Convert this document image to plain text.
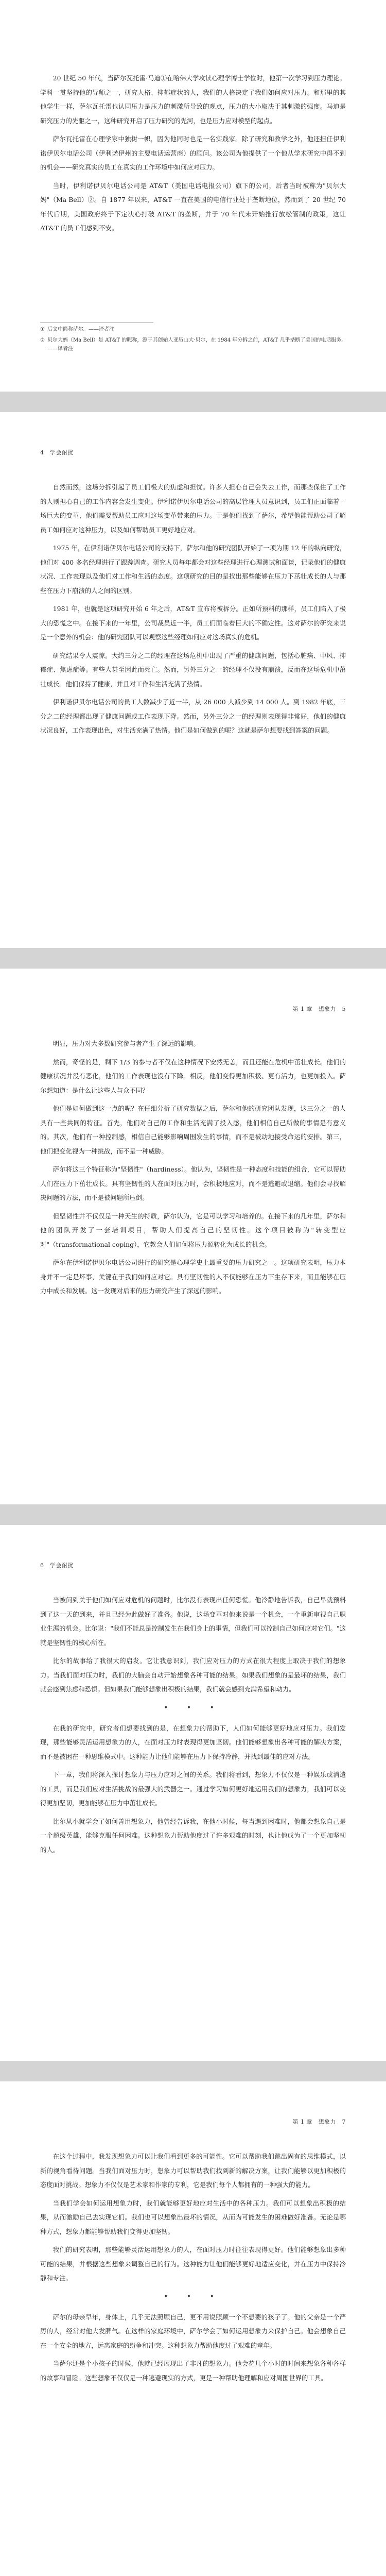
20 世纪 50 年代，当萨尔瓦托雷·马迪①在哈佛大学攻读心理学博士学位时，他第一次学习到压力理论。学科一贯坚持他的导师之一，研究人格、抑郁症状的人，我们的人格决定了我们如何应对压力。和那里的其他学生一样，萨尔瓦托雷也认同压力是压力的刺激所导致的观点，压力的大小取决于其刺激的强度。马迪是研究压力的先驱之一，这种研究开启了压力研究的先河，也是压力应对模型的起点。

萨尔瓦托雷在心理学家中独树一帜，因为他同时也是一名实践家。除了研究和教学之外，他还担任伊利诺伊贝尔电话公司（伊利诺伊州的主要电话运营商）的顾问。该公司为他提供了一个他从学术研究中得不到的机会——研究真实的员工在真实的工作环境中如何应对压力。

当时，伊利诺伊贝尔电话公司是 AT&T（美国电话电报公司）旗下的公司，后者当时被称为"贝尔大妈"（Ma Bell）②。自 1877 年以来，AT&T 一直在美国的电信行业处于垄断地位，然而到了 20 世纪 70 年代后期，美国政府终于下定决心打破 AT&T 的垄断，并于 70 年代末开始推行放松管制的政策，这让 AT&T 的员工们感到不安。

① 后文中简称萨尔。——译者注
② 贝尔大妈（Ma Bell）是 AT&T 的昵称，源于其创始人亚历山大·贝尔，在 1984 年分拆之前，AT&T 几乎垄断了美国的电话服务。——译者注
4　学会耐扰

自然而然，这场分拆引起了员工们极大的焦虑和担忧。许多人担心自己会失去工作，而那些保住了工作的人则担心自己的工作内容会发生变化。伊利诺伊贝尔电话公司的高层管理人员意识到，员工们正面临着一场巨大的变革，他们需要帮助员工应对这场变革带来的压力。于是他们找到了萨尔，希望他能帮助公司了解员工如何应对这种压力，以及如何帮助员工更好地应对。

1975 年，在伊利诺伊贝尔电话公司的支持下，萨尔和他的研究团队开始了一项为期 12 年的纵向研究，他们对 400 多名经理进行了跟踪调查。研究人员每年都会对这些经理进行心理测试和面谈，记录他们的健康状况、工作表现以及他们对工作和生活的态度。这项研究的目的是找出那些能够在压力下茁壮成长的人与那些在压力下崩溃的人之间的区别。

1981 年，也就是这项研究开始 6 年之后，AT&T 宣布将被拆分。正如所预料的那样，员工们陷入了极大的恐慌之中。在接下来的一年里，公司裁员近一半，员工们面临着巨大的不确定性。这对萨尔的研究来说是一个意外的机会：他的研究团队可以观察这些经理如何应对这场真实的危机。

研究结果令人震惊。大约三分之二的经理在这场危机中出现了严重的健康问题，包括心脏病、中风、抑郁症、焦虑症等。有些人甚至因此而死亡。然而，另外三分之一的经理不仅没有崩溃，反而在这场危机中茁壮成长。他们保持了健康，并且对工作和生活充满了热情。

伊利诺伊贝尔电话公司的员工人数减少了近一半，从 26 000 人减少到 14 000 人。到 1982 年底，三分之二的经理都出现了健康问题或工作表现下降。然而，另外三分之一的经理则表现得非常好，他们的健康状况良好，工作表现出色，对生活充满了热情。他们是如何做到的呢？这就是萨尔想要找到答案的问题。

第 1 章　想象力　5

明显，压力对大多数研究参与者产生了深远的影响。

然而，奇怪的是，剩下 1/3 的参与者不仅在这种情况下安然无恙，而且还能在危机中茁壮成长。他们的健康状况并没有恶化，他们的工作表现也没有下降。相反，他们变得更加积极、更有活力，也更加投入。萨尔想知道：是什么让这些人与众不同？

他们是如何做到这一点的呢？在仔细分析了研究数据之后，萨尔和他的研究团队发现，这三分之一的人具有一些共同的特征。首先，他们对自己的工作和生活充满了投入感，他们相信自己所做的事情是有意义的。其次，他们有一种控制感，相信自己能够影响周围发生的事情，而不是被动地接受命运的安排。第三，他们把变化视为一种挑战，而不是一种威胁。

萨尔将这三个特征称为"坚韧性"（hardiness）。他认为，坚韧性是一种态度和技能的组合，它可以帮助人们在压力下茁壮成长。具有坚韧性的人在面对压力时，会积极地应对，而不是逃避或退缩。他们会寻找解决问题的方法，而不是被问题所压倒。

但坚韧性并不仅仅是一种天生的特质，萨尔认为，它是可以学习和培养的。在接下来的几年里，萨尔和他的团队开发了一套培训项目，帮助人们提高自己的坚韧性。这个项目被称为"转变型应对"（transformational coping），它教会人们如何将压力源转化为成长的机会。

萨尔在伊利诺伊贝尔电话公司进行的研究是心理学史上最重要的压力研究之一。这项研究表明，压力本身并不一定是坏事，关键在于我们如何应对它。具有坚韧性的人不仅能够在压力下生存下来，而且能够在压力中成长和发展。这一发现对后来的压力研究产生了深远的影响。

6　学会耐扰

当被问到关于他们如何应对危机的问题时，比尔没有表现出任何恐慌。他冷静地告诉我，自己早就预料到了这一天的到来，并且已经为此做好了准备。他说，这场变革对他来说是一个机会，一个重新审视自己职业生涯的机会。比尔说："我们不能总是控制发生在我们身上的事情，但我们可以控制自己如何应对它们。"这就是坚韧性的核心所在。

比尔的故事给了我很大的启发。它让我意识到，我们应对压力的方式在很大程度上取决于我们的想象力。当我们面对压力时，我们的大脑会自动开始想象各种可能的结果。如果我们想象的是最坏的结果，我们就会感到焦虑和恐惧。但如果我们能够想象出积极的结果，我们就会感到充满希望和动力。

• • •

在我的研究中，研究者们想要找到的是，在想象力的帮助下，人们如何能够更好地应对压力。我们发现，那些能够灵活运用想象力的人，在面对压力时表现得更加坚韧。他们能够想象出各种可能的解决方案，而不是被困在一种思维模式中。这种能力让他们能够在压力下保持冷静，并找到最佳的应对方法。

下一章，我们将深入探讨想象力与压力应对之间的关系。我们将看到，想象力不仅仅是一种娱乐或消遣的工具，而是我们应对生活挑战的最强大的武器之一。通过学习如何更好地运用我们的想象力，我们可以变得更加坚韧，更加能够在压力中茁壮成长。

比尔从小就学会了如何善用想象力，他曾经告诉我，在他小时候，每当遇到困难时，他都会想象自己是一个超级英雄，能够克服任何困难。这种想象力帮助他度过了许多艰难的时刻，也让他成为了一个更加坚韧的人。

第 1 章　想象力　7

在这个过程中，我发现想象力可以让我们看到更多的可能性。它可以帮助我们跳出固有的思维模式，以新的视角看待问题。当我们面对压力时，想象力可以帮助我们找到新的解决方案，让我们能够以更加积极的态度面对挑战。想象力不仅仅是艺术家和作家的专利，它是我们每个人都拥有的一种强大的能力。

当我们学会如何运用想象力时，我们就能够更好地应对生活中的各种压力。我们可以想象出积极的结果，从而激励自己去实现它们。我们也可以想象出最坏的情况，从而为可能发生的困难做好准备。无论是哪种方式，想象力都能够帮助我们变得更加坚韧。

我们的研究表明，那些能够灵活运用想象力的人，在面对压力时往往表现得更好。他们能够想象出多种可能的结果，并根据这些想象来调整自己的行为。这种能力让他们能够更好地适应变化，并在压力中保持冷静和专注。

• • •

萨尔的母亲早年，身体上，几乎无法照顾自己，更不用说照顾一个不想要的孩子了。他的父亲是一个严厉的人，经常对他大发脾气。在这样的家庭环境中，萨尔学会了如何运用想象力来保护自己。他会想象自己在一个安全的地方，远离家庭的纷争和冲突。这种想象力帮助他度过了艰难的童年。

当萨尔还是个小孩子的时候，他就已经展现出了非凡的想象力。他会花几个小时的时间来想象各种各样的故事和冒险。这些想象不仅仅是一种逃避现实的方式，更是一种帮助他理解和应对周围世界的工具。
